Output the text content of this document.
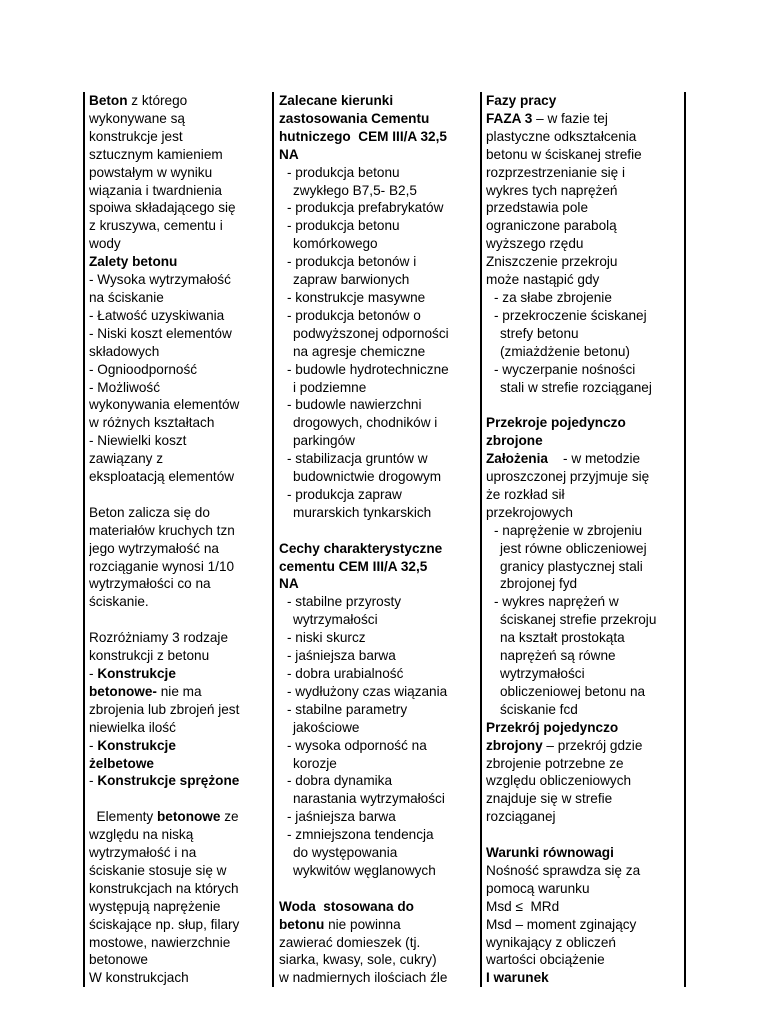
Beton z którego
wykonywane są
konstrukcje jest
sztucznym kamieniem
powstałym w wyniku
wiązania i twardnienia
spoiwa składającego się
z kruszywa, cementu i
wody
Zalety betonu
- Wysoka wytrzymałość
na ściskanie
- Łatwość uzyskiwania
- Niski koszt elementów
składowych
- Ognioodporność
- Możliwość
wykonywania elementów
w różnych kształtach
- Niewielki koszt
zawiązany z
eksploatacją elementów
Beton zalicza się do
materiałów kruchych tzn
jego wytrzymałość na
rozciąganie wynosi 1/10
wytrzymałości co na
ściskanie.
Rozróżniamy 3 rodzaje
konstrukcji z betonu
- Konstrukcje
betonowe- nie ma
zbrojenia lub zbrojeń jest
niewielka ilość
- Konstrukcje
żelbetowe
- Konstrukcje sprężone
Elementy betonowe ze
względu na niską
wytrzymałość i na
ściskanie stosuje się w
konstrukcjach na których
występują naprężenie
ściskające np. słup, filary
mostowe, nawierzchnie
betonowe
W konstrukcjach
Zalecane kierunki
zastosowania Cementu
hutniczego  CEM III/A 32,5
NA
- produkcja betonu
zwykłego B7,5- B2,5
- produkcja prefabrykatów
- produkcja betonu
komórkowego
- produkcja betonów i
zapraw barwionych
- konstrukcje masywne
- produkcja betonów o
podwyższonej odporności
na agresje chemiczne
- budowle hydrotechniczne
i podziemne
- budowle nawierzchni
drogowych, chodników i
parkingów
- stabilizacja gruntów w
budownictwie drogowym
- produkcja zapraw
murarskich tynkarskich
Cechy charakterystyczne
cementu CEM III/A 32,5
NA
- stabilne przyrosty
wytrzymałości
- niski skurcz
- jaśniejsza barwa
- dobra urabialność
- wydłużony czas wiązania
- stabilne parametry
jakościowe
- wysoka odporność na
korozje
- dobra dynamika
narastania wytrzymałości
- jaśniejsza barwa
- zmniejszona tendencja
do występowania
wykwitów węglanowych
Woda  stosowana do
betonu nie powinna
zawierać domieszek (tj.
siarka, kwasy, sole, cukry)
w nadmiernych ilościach źle
Fazy pracy
FAZA 3 – w fazie tej
plastyczne odkształcenia
betonu w ściskanej strefie
rozprzestrzenianie się i
wykres tych naprężeń
przedstawia pole
ograniczone parabolą
wyższego rzędu
Zniszczenie przekroju
może nastąpić gdy
- za słabe zbrojenie
- przekroczenie ściskanej
strefy betonu
(zmiażdżenie betonu)
- wyczerpanie nośności
stali w strefie rozciąganej
Przekroje pojedynczo
zbrojone
Założenia    - w metodzie
uproszczonej przyjmuje się
że rozkład sił
przekrojowych
- naprężenie w zbrojeniu
jest równe obliczeniowej
granicy plastycznej stali
zbrojonej fyd
- wykres naprężeń w
ściskanej strefie przekroju
na kształt prostokąta
naprężeń są równe
wytrzymałości
obliczeniowej betonu na
ściskanie fcd
Przekrój pojedynczo
zbrojony – przekrój gdzie
zbrojenie potrzebne ze
względu obliczeniowych
znajduje się w strefie
rozciąganej
Warunki równowagi
Nośność sprawdza się za
pomocą warunku
Msd ≤  MRd
Msd – moment zginający
wynikający z obliczeń
wartości obciążenie
I warunek
